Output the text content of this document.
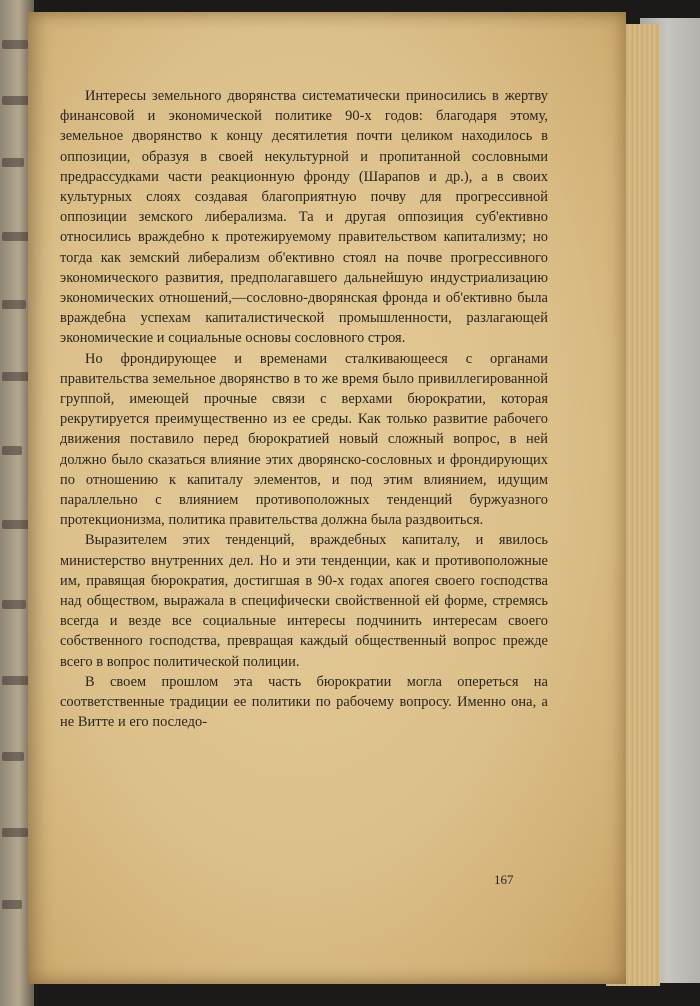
Интересы земельного дворянства систематически приносились в жертву финансовой и экономической политике 90-х годов: благодаря этому, земельное дворянство к концу десятилетия почти целиком находилось в оппозиции, образуя в своей некультурной и пропитанной сословными предрассудками части реакционную фронду (Шарапов и др.), а в своих культурных слоях создавая благоприятную почву для прогрессивной оппозиции земского либерализма. Та и другая оппозиция суб'ективно относились враждебно к протежируемому правительством капитализму; но тогда как земский либерализм об'ективно стоял на почве прогрессивного экономического развития, предполагавшего дальнейшую индустриализацию экономических отношений,—сословно-дворянская фронда и об'ективно была враждебна успехам капиталистической промышленности, разлагающей экономические и социальные основы сословного строя.

Но фрондирующее и временами сталкивающееся с органами правительства земельное дворянство в то же время было привиллегированной группой, имеющей прочные связи с верхами бюрократии, которая рекрутируется преимущественно из ее среды. Как только развитие рабочего движения поставило перед бюрократией новый сложный вопрос, в ней должно было сказаться влияние этих дворянско-сословных и фрондирующих по отношению к капиталу элементов, и под этим влиянием, идущим параллельно с влиянием противоположных тенденций буржуазного протекционизма, политика правительства должна была раздвоиться.

Выразителем этих тенденций, враждебных капиталу, и явилось министерство внутренних дел. Но и эти тенденции, как и противоположные им, правящая бюрократия, достигшая в 90-х годах апогея своего господства над обществом, выражала в специфически свойственной ей форме, стремясь всегда и везде все социальные интересы подчинить интересам своего собственного господства, превращая каждый общественный вопрос прежде всего в вопрос политической полиции.

В своем прошлом эта часть бюрократии могла опереться на соответственные традиции ее политики по рабочему вопросу. Именно она, а не Витте и его последо-

167
